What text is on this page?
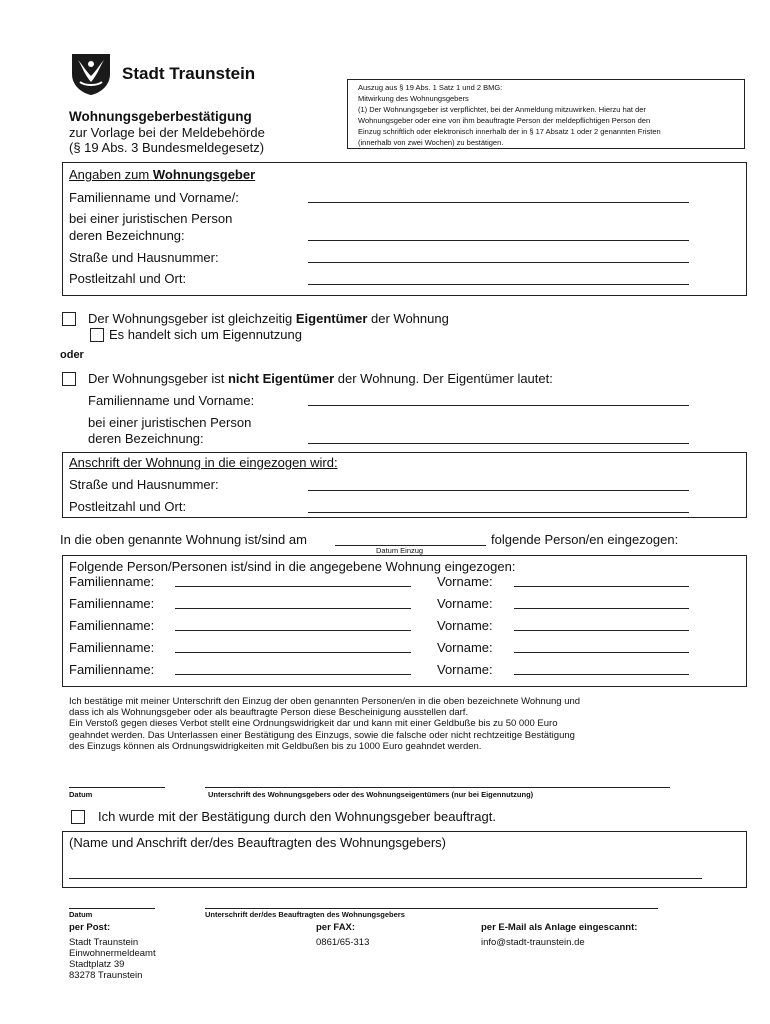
Stadt Traunstein
Wohnungsgeberbestätigung
zur Vorlage bei der Meldebehörde
(§ 19 Abs. 3 Bundesmeldegesetz)
Auszug aus § 19 Abs. 1 Satz 1 und 2 BMG:
Mitwirkung des Wohnungsgebers
(1) Der Wohnungsgeber ist verpflichtet, bei der Anmeldung mitzuwirken. Hierzu hat der
Wohnungsgeber oder eine von ihm beauftragte Person der meldepflichtigen Person den
Einzug schriftlich oder elektronisch innerhalb der in § 17 Absatz 1 oder 2 genannten Fristen
(innerhalb von zwei Wochen) zu bestätigen.
Angaben zum Wohnungsgeber
Familienname und Vorname/:
bei einer juristischen Person
deren Bezeichnung:
Straße und Hausnummer:
Postleitzahl und Ort:
Der Wohnungsgeber ist gleichzeitig Eigentümer der Wohnung
Es handelt sich um Eigennutzung
oder
Der Wohnungsgeber ist nicht Eigentümer der Wohnung. Der Eigentümer lautet:
Familienname und Vorname:
bei einer juristischen Person
deren Bezeichnung:
Anschrift der Wohnung in die eingezogen wird:
Straße und Hausnummer:
Postleitzahl und Ort:
In die oben genannte Wohnung ist/sind am	folgende Person/en eingezogen:
Datum Einzug
Folgende Person/Personen ist/sind in die angegebene Wohnung eingezogen:
Familienname:	Vorname:
Familienname:	Vorname:
Familienname:	Vorname:
Familienname:	Vorname:
Familienname:	Vorname:
Ich bestätige mit meiner Unterschrift den Einzug der oben genannten Personen/en in die oben bezeichnete Wohnung und
dass ich als Wohnungsgeber oder als beauftragte Person diese Bescheinigung ausstellen darf.
Ein Verstoß gegen dieses Verbot stellt eine Ordnungswidrigkeit dar und kann mit einer Geldbuße bis zu 50 000 Euro
geahndet werden. Das Unterlassen einer Bestätigung des Einzugs, sowie die falsche oder nicht rechtzeitige Bestätigung
des Einzugs können als Ordnungswidrigkeiten mit Geldbußen bis zu 1000 Euro geahndet werden.
Datum	Unterschrift des Wohnungsgebers oder des Wohnungseigentümers (nur bei Eigennutzung)
Ich wurde mit der Bestätigung durch den Wohnungsgeber beauftragt.
(Name und Anschrift der/des Beauftragten des Wohnungsgebers)
Datum	Unterschrift der/des Beauftragten des Wohnungsgebers
per Post:
Stadt Traunstein
Einwohnermeldeamt
Stadtplatz 39
83278 Traunstein
per FAX:
0861/65-313
per E-Mail als Anlage eingescannt:
info@stadt-traunstein.de
